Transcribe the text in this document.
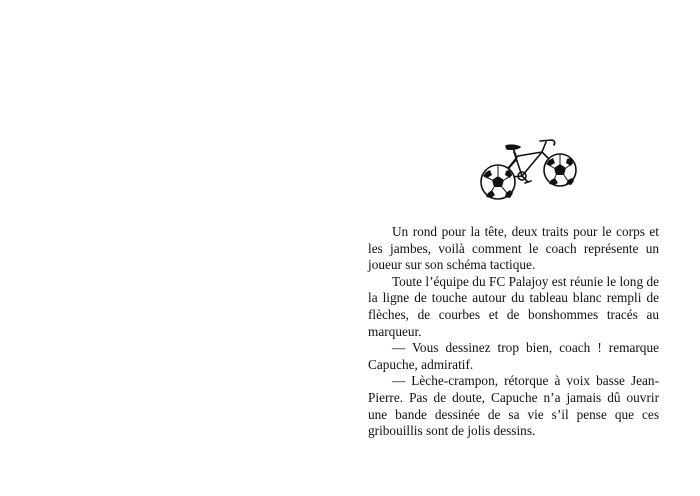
Un rond pour la tête, deux traits pour le corps et les jambes, voilà comment le coach représente un joueur sur son schéma tactique.

Toute l’équipe du FC Palajoy est réunie le long de la ligne de touche autour du tableau blanc rempli de flèches, de courbes et de bonshommes tracés au marqueur.

— Vous dessinez trop bien, coach ! remarque Capuche, admiratif.

— Lèche-crampon, rétorque à voix basse Jean-Pierre. Pas de doute, Capuche n’a jamais dû ouvrir une bande dessinée de sa vie s’il pense que ces gribouillis sont de jolis dessins.
